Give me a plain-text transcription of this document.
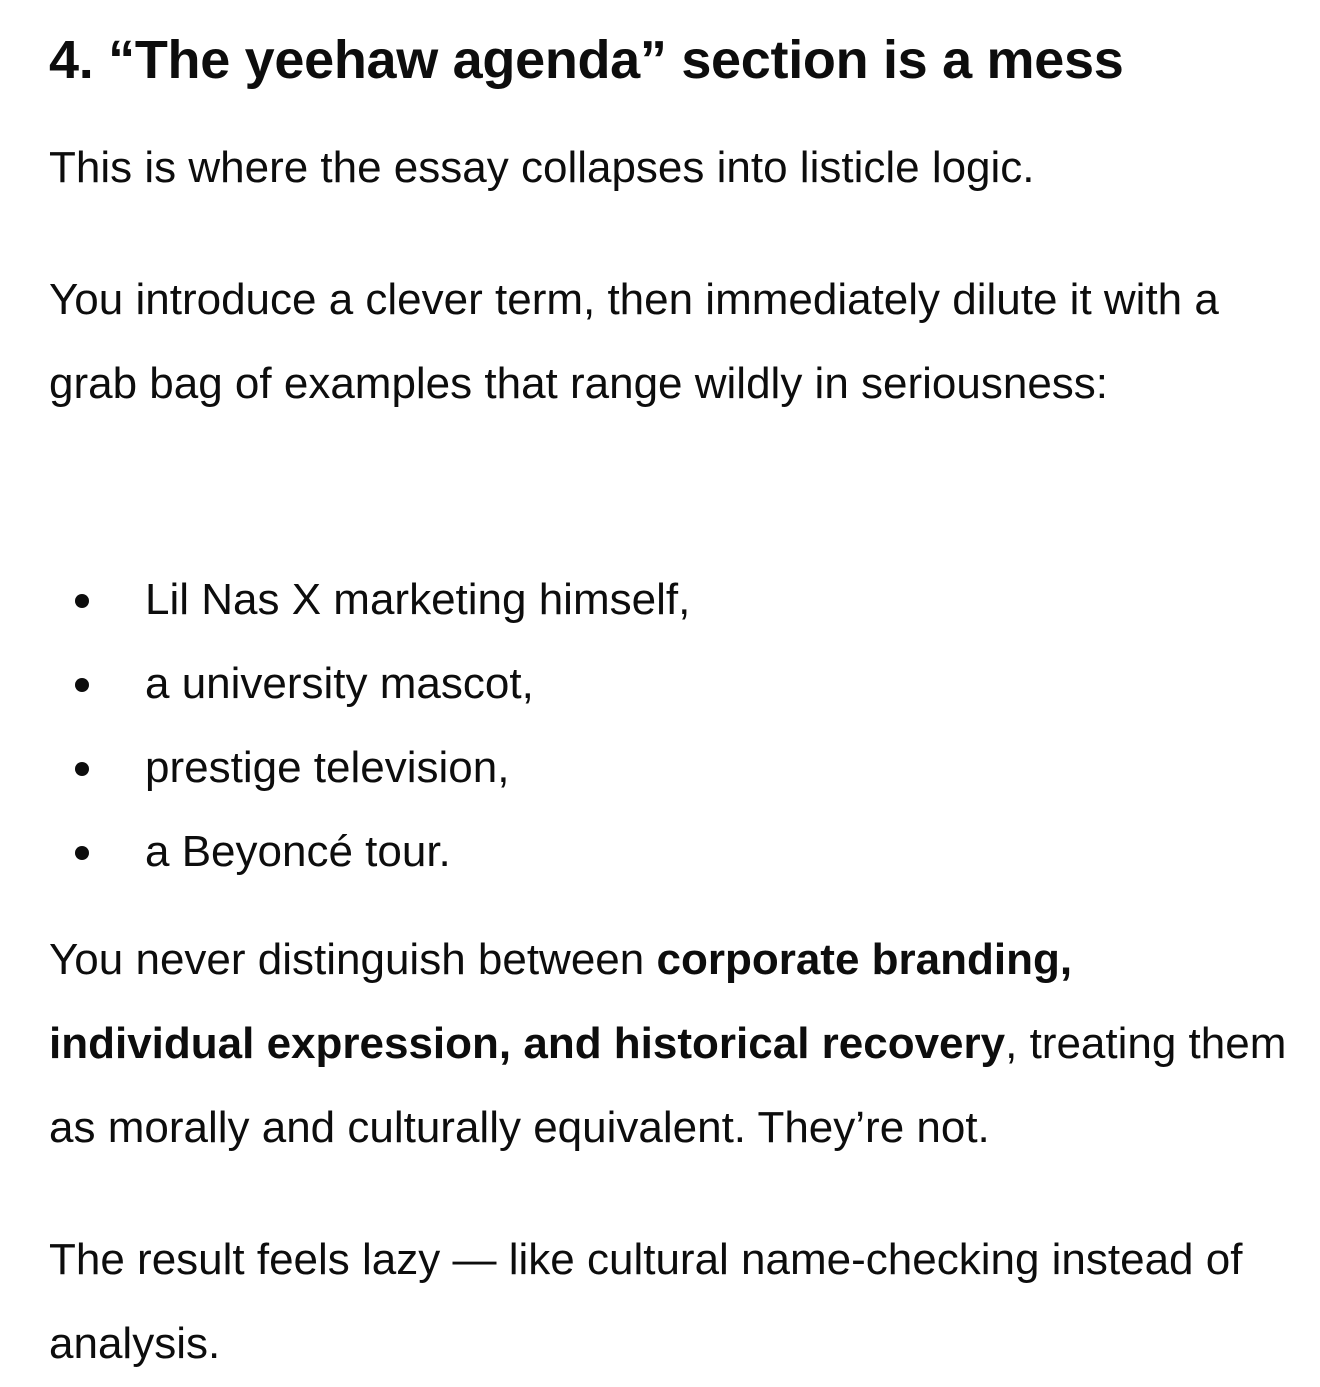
4. “The yeehaw agenda” section is a mess

This is where the essay collapses into listicle logic.

You introduce a clever term, then immediately dilute it with a grab bag of examples that range wildly in seriousness:

Lil Nas X marketing himself,
a university mascot,
prestige television,
a Beyoncé tour.

You never distinguish between corporate branding, individual expression, and historical recovery, treating them as morally and culturally equivalent. They’re not.

The result feels lazy — like cultural name-checking instead of analysis.
